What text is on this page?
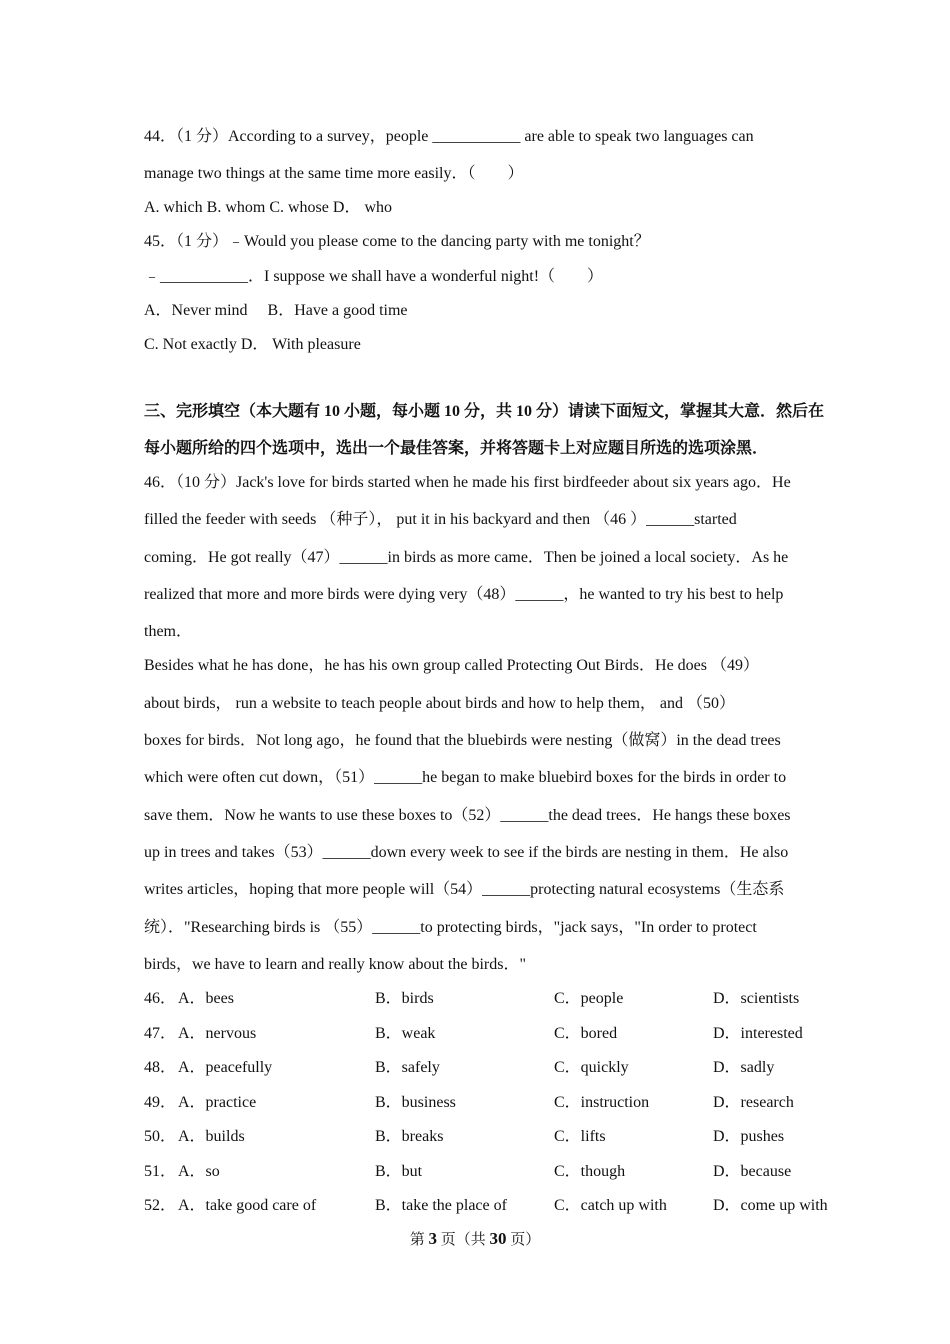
44．（1 分）According to a survey，people ___________ are able to speak two languages can
manage two things at the same time more easily．（　　）
A. which B. whom C. whose D． who
45．（1 分）﹣Would you please come to the dancing party with me tonight？
﹣___________．I suppose we shall have a wonderful night!（　　）
A．Never mind　 B．Have a good time
C. Not exactly D． With pleasure
三、完形填空（本大题有 10 小题，每小题 10 分，共 10 分）请读下面短文，掌握其大意．然后在
每小题所给的四个选项中，选出一个最佳答案，并将答题卡上对应题目所选的选项涂黑．
46．（10 分）Jack's love for birds started when he made his first birdfeeder about six years ago．He
filled the feeder with seeds （种子）， put it in his backyard and then （46 ）______started
coming．He got really（47）______in birds as more came．Then be joined a local society．As he
realized that more and more birds were dying very（48）______，he wanted to try his best to help
them．
Besides what he has done，he has his own group called Protecting Out Birds．He does （49）
about birds， run a website to teach people about birds and how to help them， and （50）
boxes for birds．Not long ago，he found that the bluebirds were nesting（做窝）in the dead trees
which were often cut down，（51）______he began to make bluebird boxes for the birds in order to
save them．Now he wants to use these boxes to（52）______the dead trees．He hangs these boxes
up in trees and takes（53）______down every week to see if the birds are nesting in them．He also
writes articles，hoping that more people will（54）______protecting natural ecosystems（生态系
统）．"Researching birds is （55）______to protecting birds，"jack says，"In order to protect
birds，we have to learn and really know about the birds．"
46． A．bees	B．birds	C．people	D．scientists
47． A．nervous	B．weak	C．bored	D．interested
48． A．peacefully	B．safely	C．quickly	D．sadly
49． A．practice	B．business	C．instruction	D．research
50． A．builds	B．breaks	C．lifts	D．pushes
51． A．so	B．but	C．though	D．because
52． A．take good care of	B．take the place of	C．catch up with	D．come up with
第 3 页（共 30 页）
